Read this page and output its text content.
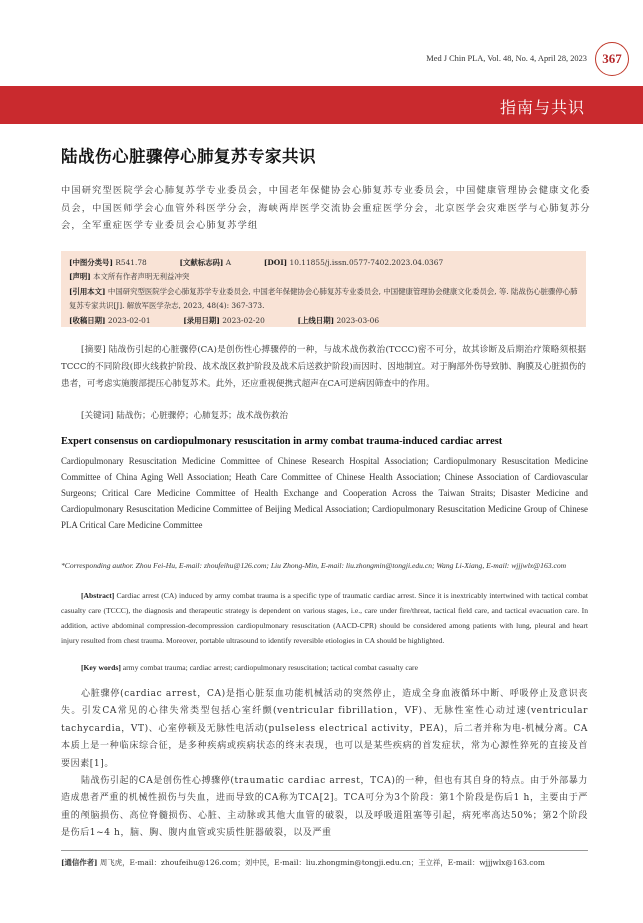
Med J Chin PLA, Vol. 48, No. 4, April 28, 2023	367
指南与共识
陆战伤心脏骤停心肺复苏专家共识
中国研究型医院学会心肺复苏学专业委员会，中国老年保健协会心肺复苏专业委员会，中国健康管理协会健康文化委员会，中国医师学会心血管外科医学分会，海峡两岸医学交流协会重症医学分会，北京医学会灾难医学与心肺复苏分会，全军重症医学专业委员会心肺复苏学组
[中图分类号] R541.78	[文献标志码] A	[DOI] 10.11855/j.issn.0577-7402.2023.04.0367
[声明] 本文所有作者声明无利益冲突
[引用本文] 中国研究型医院学会心肺复苏学专业委员会, 中国老年保健协会心肺复苏专业委员会, 中国健康管理协会健康文化委员会, 等. 陆战伤心脏骤停心肺复苏专家共识[J]. 解放军医学杂志, 2023, 48(4): 367-373.
[收稿日期] 2023-02-01	[录用日期] 2023-02-20	[上线日期] 2023-03-06
[摘要] 陆战伤引起的心脏骤停(CA)是创伤性心搏骤停的一种，与战术战伤救治(TCCC)密不可分，故其诊断及后期治疗策略须根据TCCC的不同阶段(即火线救护阶段、战术战区救护阶段及战术后送救护阶段)而因时、因地制宜。对于胸部外伤导致肺、胸膜及心脏损伤的患者，可考虑实施腹部提压心肺复苏术。此外，还应重视便携式超声在CA可逆病因筛查中的作用。
[关键词] 陆战伤；心脏骤停；心肺复苏；战术战伤救治
Expert consensus on cardiopulmonary resuscitation in army combat trauma-induced cardiac arrest
Cardiopulmonary Resuscitation Medicine Committee of Chinese Research Hospital Association; Cardiopulmonary Resuscitation Medicine Committee of China Aging Well Association; Heath Care Committee of Chinese Health Association; Chinese Association of Cardiovascular Surgeons; Critical Care Medicine Committee of Health Exchange and Cooperation Across the Taiwan Straits; Disaster Medicine and Cardiopulmonary Resuscitation Medicine Committee of Beijing Medical Association; Cardiopulmonary Resuscitation Medicine Group of Chinese PLA Critical Care Medicine Committee
*Corresponding author. Zhou Fei-Hu, E-mail: zhoufeihu@126.com; Liu Zhong-Min, E-mail: liu.zhongmin@tongji.edu.cn; Wang Li-Xiang, E-mail: wjjjwlx@163.com
[Abstract] Cardiac arrest (CA) induced by army combat trauma is a specific type of traumatic cardiac arrest. Since it is inextricably intertwined with tactical combat casualty care (TCCC), the diagnosis and therapeutic strategy is dependent on various stages, i.e., care under fire/threat, tactical field care, and tactical evacuation care. In addition, active abdominal compression-decompression cardiopulmonary resuscitation (AACD-CPR) should be considered among patients with lung, pleural and heart injury resulted from chest trauma. Moreover, portable ultrasound to identify reversible etiologies in CA should be highlighted.
[Key words] army combat trauma; cardiac arrest; cardiopulmonary resuscitation; tactical combat casualty care

心脏骤停(cardiac arrest，CA)是指心脏泵血功能机械活动的突然停止，造成全身血液循环中断、呼吸停止及意识丧失。引发CA常见的心律失常类型包括心室纤颤(ventricular fibrillation，VF)、无脉性室性心动过速(ventricular tachycardia，VT)、心室停顿及无脉性电活动(pulseless electrical activity，PEA)，后二者并称为电-机械分离。CA本质上是一种临床综合征，是多种疾病或疾病状态的终末表现，也可以是某些疾病的首发症状，常为心源性猝死的直接及首要因素[1]。

陆战伤引起的CA是创伤性心搏骤停(traumatic cardiac arrest，TCA)的一种，但也有其自身的特点。由于外部暴力造成患者严重的机械性损伤与失血，进而导致的CA称为TCA[2]。TCA可分为3个阶段：第1个阶段是伤后1 h，主要由于严重的颅脑损伤、高位脊髓损伤、心脏、主动脉或其他大血管的破裂，以及呼吸道阻塞等引起，病死率高达50%；第2个阶段是伤后1~4 h，脑、胸、腹内血管或实质性脏器破裂，以及严重

[通信作者] 周飞虎，E-mail：zhoufeihu@126.com；刘中民，E-mail：liu.zhongmin@tongji.edu.cn；王立祥，E-mail：wjjjwlx@163.com
